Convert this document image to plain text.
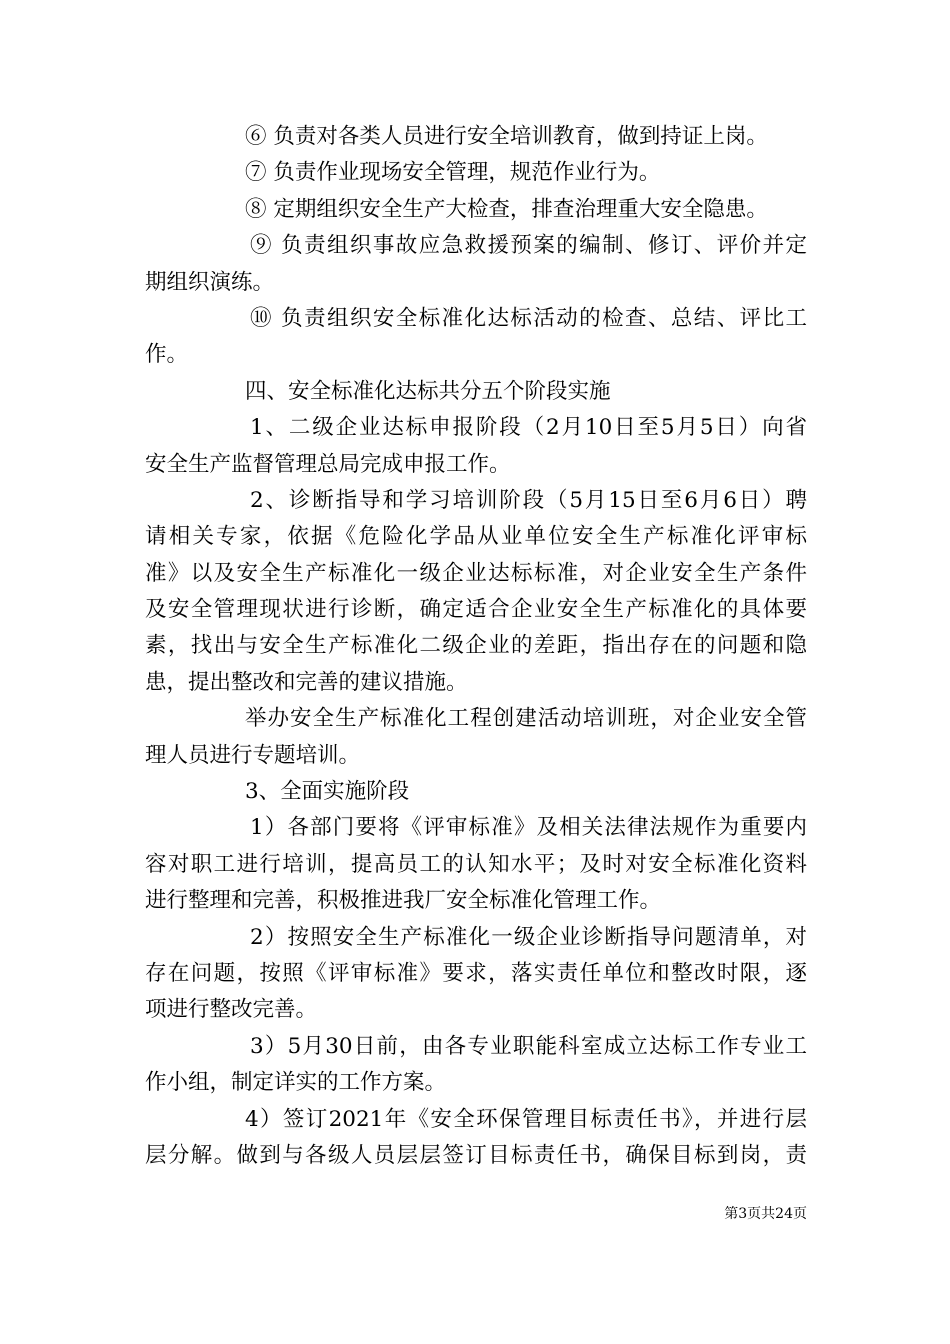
⑥ 负责对各类人员进行安全培训教育，做到持证上岗。
⑦ 负责作业现场安全管理，规范作业行为。
⑧ 定期组织安全生产大检查，排查治理重大安全隐患。
⑨ 负责组织事故应急救援预案的编制、修订、评价并定
期组织演练。
⑩ 负责组织安全标准化达标活动的检查、总结、评比工
作。
四、安全标准化达标共分五个阶段实施
1、二级企业达标申报阶段（2月10日至5月5日）向省
安全生产监督管理总局完成申报工作。
2、诊断指导和学习培训阶段（5月15日至6月6日）聘
请相关专家，依据《危险化学品从业单位安全生产标准化评审标
准》以及安全生产标准化一级企业达标标准，对企业安全生产条件
及安全管理现状进行诊断，确定适合企业安全生产标准化的具体要
素，找出与安全生产标准化二级企业的差距，指出存在的问题和隐
患，提出整改和完善的建议措施。
举办安全生产标准化工程创建活动培训班，对企业安全管
理人员进行专题培训。
3、全面实施阶段
1）各部门要将《评审标准》及相关法律法规作为重要内
容对职工进行培训，提高员工的认知水平；及时对安全标准化资料
进行整理和完善，积极推进我厂安全标准化管理工作。
2）按照安全生产标准化一级企业诊断指导问题清单，对
存在问题，按照《评审标准》要求，落实责任单位和整改时限，逐
项进行整改完善。
3）5月30日前，由各专业职能科室成立达标工作专业工
作小组，制定详实的工作方案。
4）签订2021年《安全环保管理目标责任书》，并进行层
层分解。做到与各级人员层层签订目标责任书，确保目标到岗，责
第3页共24页
